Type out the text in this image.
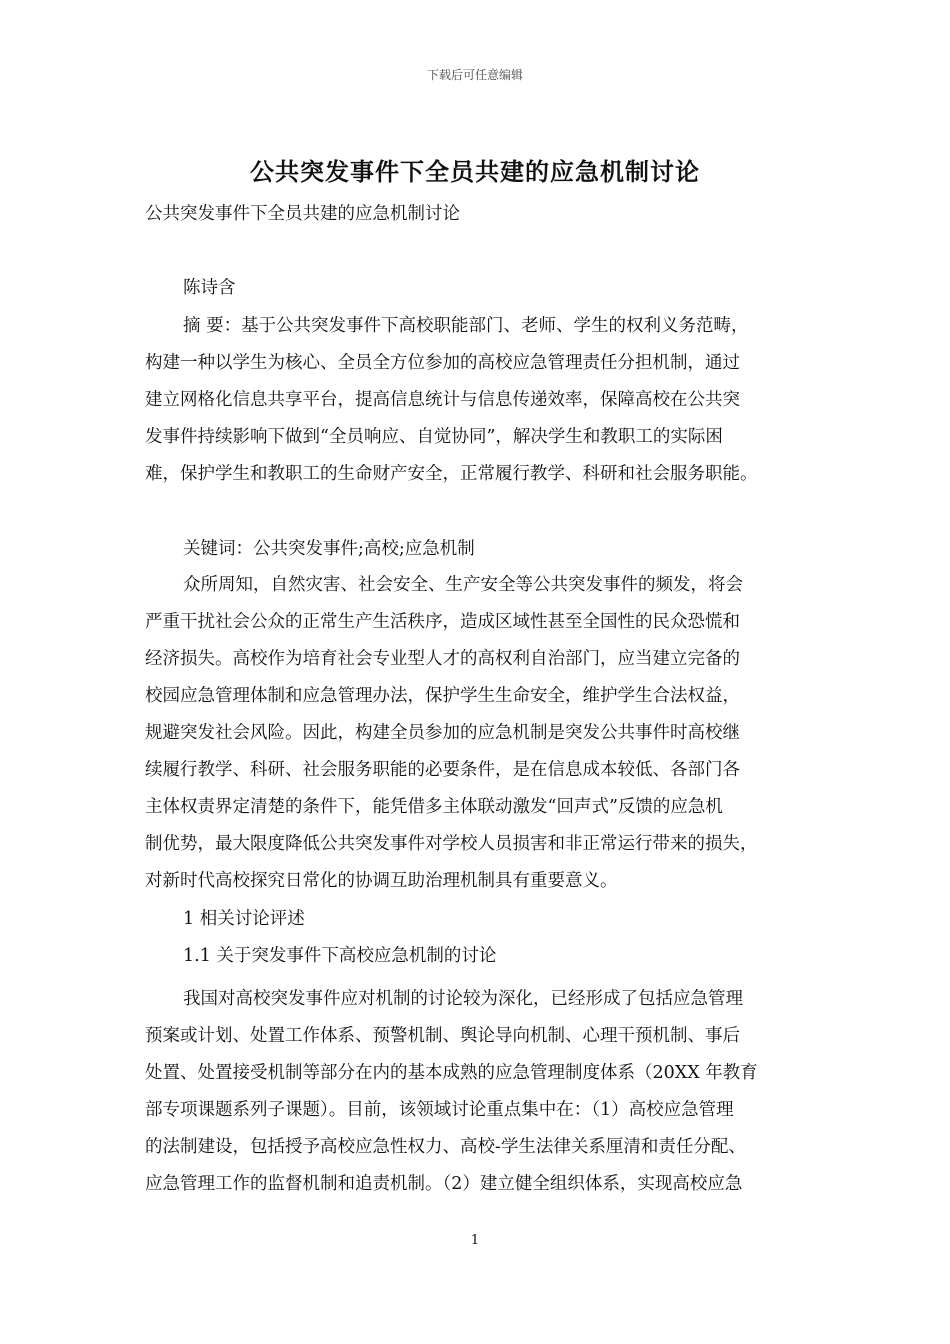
下载后可任意编辑
公共突发事件下全员共建的应急机制讨论
公共突发事件下全员共建的应急机制讨论
陈诗含
摘 要：基于公共突发事件下高校职能部门、老师、学生的权利义务范畴，
构建一种以学生为核心、全员全方位参加的高校应急管理责任分担机制，通过
建立网格化信息共享平台，提高信息统计与信息传递效率，保障高校在公共突
发事件持续影响下做到“全员响应、自觉协同”，解决学生和教职工的实际困
难，保护学生和教职工的生命财产安全，正常履行教学、科研和社会服务职能。
关键词：公共突发事件;高校;应急机制
众所周知，自然灾害、社会安全、生产安全等公共突发事件的频发，将会
严重干扰社会公众的正常生产生活秩序，造成区域性甚至全国性的民众恐慌和
经济损失。高校作为培育社会专业型人才的高权利自治部门，应当建立完备的
校园应急管理体制和应急管理办法，保护学生生命安全，维护学生合法权益，
规避突发社会风险。因此，构建全员参加的应急机制是突发公共事件时高校继
续履行教学、科研、社会服务职能的必要条件，是在信息成本较低、各部门各
主体权责界定清楚的条件下，能凭借多主体联动激发“回声式”反馈的应急机
制优势，最大限度降低公共突发事件对学校人员损害和非正常运行带来的损失，
对新时代高校探究日常化的协调互助治理机制具有重要意义。
1 相关讨论评述
1.1 关于突发事件下高校应急机制的讨论
我国对高校突发事件应对机制的讨论较为深化，已经形成了包括应急管理
预案或计划、处置工作体系、预警机制、舆论导向机制、心理干预机制、事后
处置、处置接受机制等部分在内的基本成熟的应急管理制度体系（20XX 年教育
部专项课题系列子课题）。目前，该领域讨论重点集中在：（1）高校应急管理
的法制建设，包括授予高校应急性权力、高校-学生法律关系厘清和责任分配、
应急管理工作的监督机制和追责机制。（2）建立健全组织体系，实现高校应急
1
